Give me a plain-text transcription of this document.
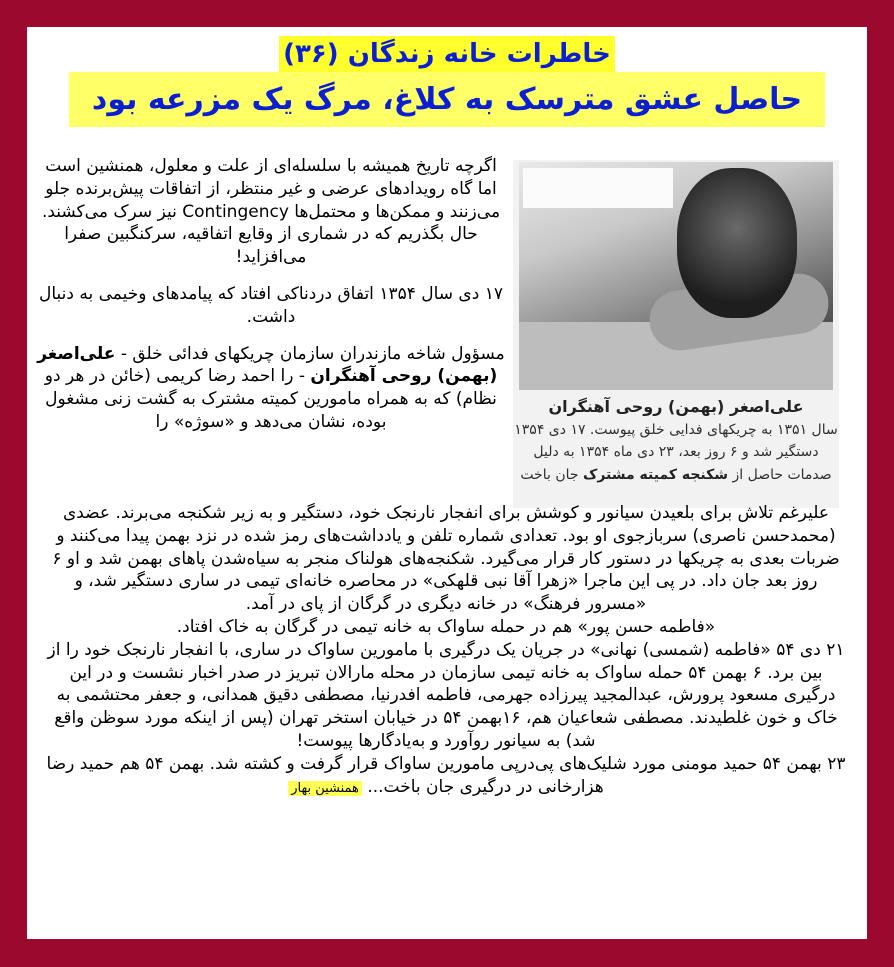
خاطرات خانه زندگان (۳۶)
حاصل عشق مترسک به کلاغ، مرگ یک مزرعه بود

اگرچه تاریخ همیشه با سلسله‌ای از علت و معلول، همنشین است اما گاه رویدادهای عرضی و غیر منتظر، از اتفاقات پیش‌برنده جلو می‌زنند و ممکن‌ها و محتمل‌ها Contingency نیز سرک می‌کشند. حال بگذریم که در شماری از وقایع اتفاقیه، سرکنگبین صفرا می‌افزاید!

۱۷ دی سال ۱۳۵۴ اتفاق دردناکی افتاد که پیامدهای وخیمی به دنبال داشت.

مسؤول شاخه مازندران سازمان چریکهای فدائی خلق - علی‌اصغر (بهمن) روحی آهنگران - را احمد رضا کریمی (خائن در هر دو نظام) که به همراه مامورین کمیته مشترک به گشت زنی مشغول بوده، نشان می‌دهد و «سوژه» را

علی‌اصغر (بهمن) روحی آهنگران
سال ۱۳۵۱ به چریکهای فدایی خلق پیوست. ۱۷ دی ۱۳۵۴ دستگیر شد و ۶ روز بعد، ۲۳ دی ماه ۱۳۵۴ به دلیل صدمات حاصل از شکنجه کمیته مشترک جان باخت

علیرغم تلاش برای بلعیدن سیانور و کوشش برای انفجار نارنجک خود، دستگیر و به زیر شکنجه می‌برند. عضدی (محمدحسن ناصری) سربازجوی او بود. تعدادی شماره تلفن و یادداشت‌های رمز شده در نزد بهمن پیدا می‌کنند و ضربات بعدی به چریکها در دستور کار قرار می‌گیرد. شکنجه‌های هولناک منجر به سیاه‌شدن پاهای بهمن شد و او ۶ روز بعد جان داد. در پی این ماجرا «زهرا آقا نبی قلهکی» در محاصره خانه‌ای تیمی در ساری دستگیر شد، و «مسرور فرهنگ» در خانه دیگری در گرگان از پای در آمد.

«فاطمه حسن پور» هم در حمله ساواک به خانه تیمی در گرگان به خاک افتاد.

۲۱ دی ۵۴ «فاطمه (شمسی) نهانی» در جریان یک درگیری با مامورین ساواک در ساری، با انفجار نارنجک خود را از بین برد. ۶ بهمن ۵۴ حمله ساواک به خانه تیمی سازمان در محله مارالان تبریز در صدر اخبار نشست و در این درگیری مسعود پرورش، عبدالمجید پیرزاده جهرمی، فاطمه افدرنیا، مصطفی دقیق همدانی، و جعفر محتشمی به خاک و خون غلطیدند. مصطفی شعاعیان هم، ۱۶بهمن ۵۴ در خیابان استخر تهران (پس از اینکه مورد سوظن واقع شد) به سیانور روآورد و به‌یادگارها پیوست!

۲۳ بهمن ۵۴ حمید مومنی مورد شلیک‌های پی‌درپی مامورین ساواک قرار گرفت و کشته شد. بهمن ۵۴ هم حمید رضا هزارخانی در درگیری جان باخت... همنشین بهار
